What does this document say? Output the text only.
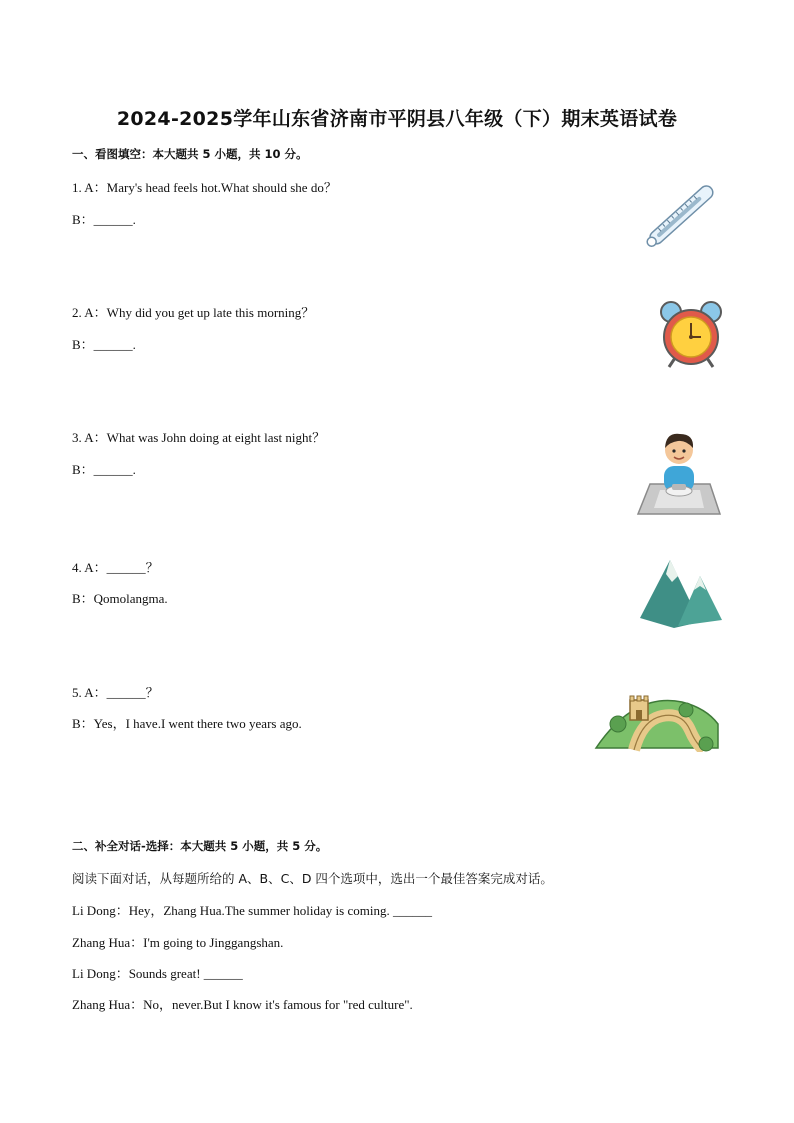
2024-2025学年山东省济南市平阴县八年级（下）期末英语试卷
一、看图填空：本大题共 5 小题，共 10 分。
1. A：Mary's head feels hot.What should she do？
B：______.
2. A：Why did you get up late this morning？
B：______.
3. A：What was John doing at eight last night？
B：______.
4. A：______？
B：Qomolangma.
5. A：______？
B：Yes，I have.I went there two years ago.
二、补全对话-选择：本大题共 5 小题，共 5 分。
阅读下面对话，从每题所给的 A、B、C、D 四个选项中，选出一个最佳答案完成对话。
Li Dong：Hey，Zhang Hua.The summer holiday is coming. ______
Zhang Hua：I'm going to Jinggangshan.
Li Dong：Sounds great! ______
Zhang Hua：No，never.But I know it's famous for "red culture".
